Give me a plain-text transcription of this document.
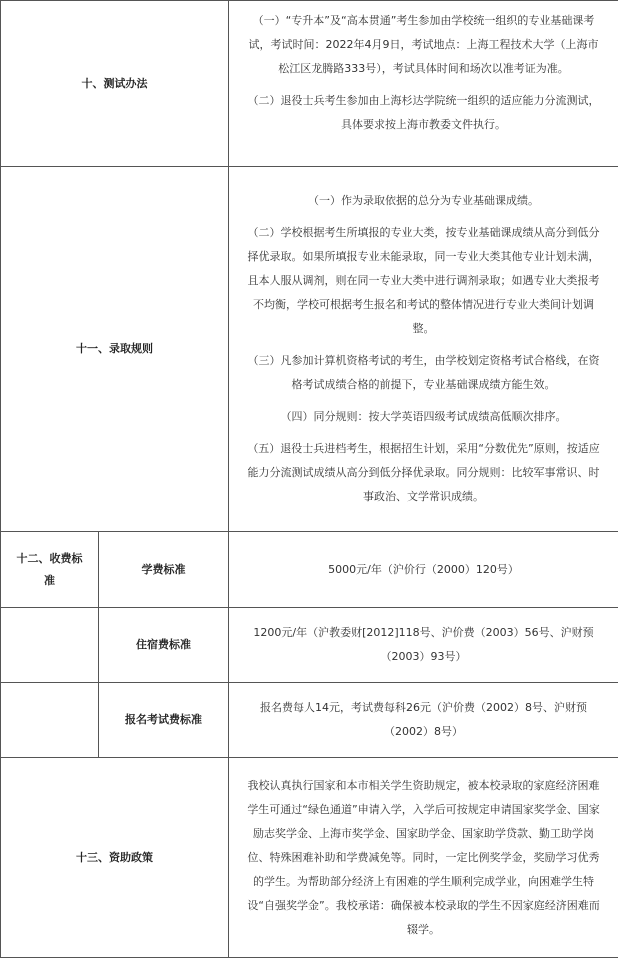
十、测试办法		（一）“专升本”及“高本贯通”考生参加由学校统一组织的专业基础课考试，考试时间：2022年4月9日，考试地点：上海工程技术大学（上海市松江区龙腾路333号），考试具体时间和场次以准考证为准。

（二）退役士兵考生参加由上海杉达学院统一组织的适应能力分流测试，具体要求按上海市教委文件执行。

十一、录取规则		（一）作为录取依据的总分为专业基础课成绩。

（二）学校根据考生所填报的专业大类，按专业基础课成绩从高分到低分择优录取。如果所填报专业未能录取，同一专业大类其他专业计划未满，且本人服从调剂，则在同一专业大类中进行调剂录取；如遇专业大类报考不均衡，学校可根据考生报名和考试的整体情况进行专业大类间计划调整。

（三）凡参加计算机资格考试的考生，由学校划定资格考试合格线，在资格考试成绩合格的前提下，专业基础课成绩方能生效。

（四）同分规则：按大学英语四级考试成绩高低顺次排序。

（五）退役士兵进档考生，根据招生计划，采用“分数优先”原则，按适应能力分流测试成绩从高分到低分择优录取。同分规则：比较军事常识、时事政治、文学常识成绩。

十二、收费标准	学费标准	5000元/年（沪价行（2000）120号）
	住宿费标准	1200元/年（沪教委财[2012]118号、沪价费（2003）56号、沪财预（2003）93号）
	报名考试费标准	报名费每人14元，考试费每科26元（沪价费（2002）8号、沪财预（2002）8号）
十三、资助政策		我校认真执行国家和本市相关学生资助规定，被本校录取的家庭经济困难学生可通过“绿色通道”申请入学，入学后可按规定申请国家奖学金、国家励志奖学金、上海市奖学金、国家助学金、国家助学贷款、勤工助学岗位、特殊困难补助和学费减免等。同时，一定比例奖学金，奖励学习优秀的学生。为帮助部分经济上有困难的学生顺利完成学业，向困难学生特设“自强奖学金”。我校承诺：确保被本校录取的学生不因家庭经济困难而辍学。
